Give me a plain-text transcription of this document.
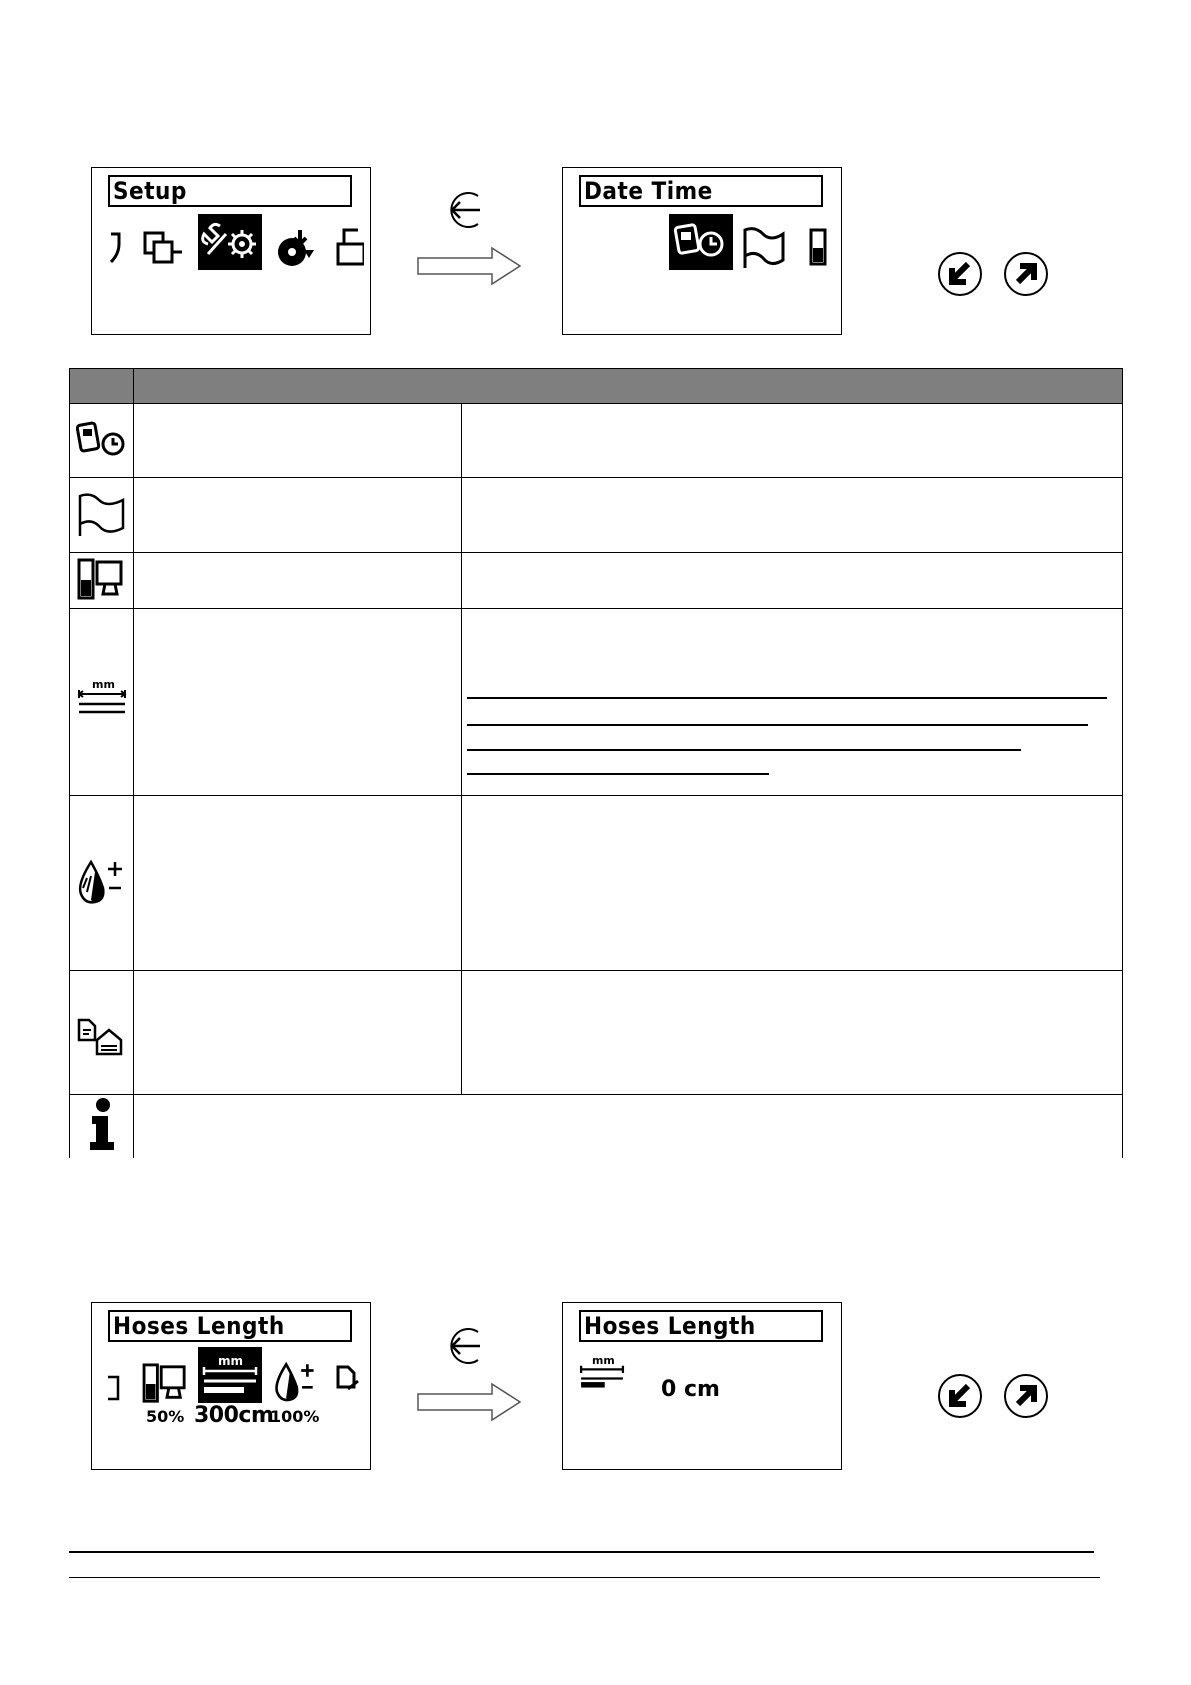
Setup	Date Time
mm
Hoses Length
50%
mm
300cm
100%
Hoses Length
mm
0 cm
